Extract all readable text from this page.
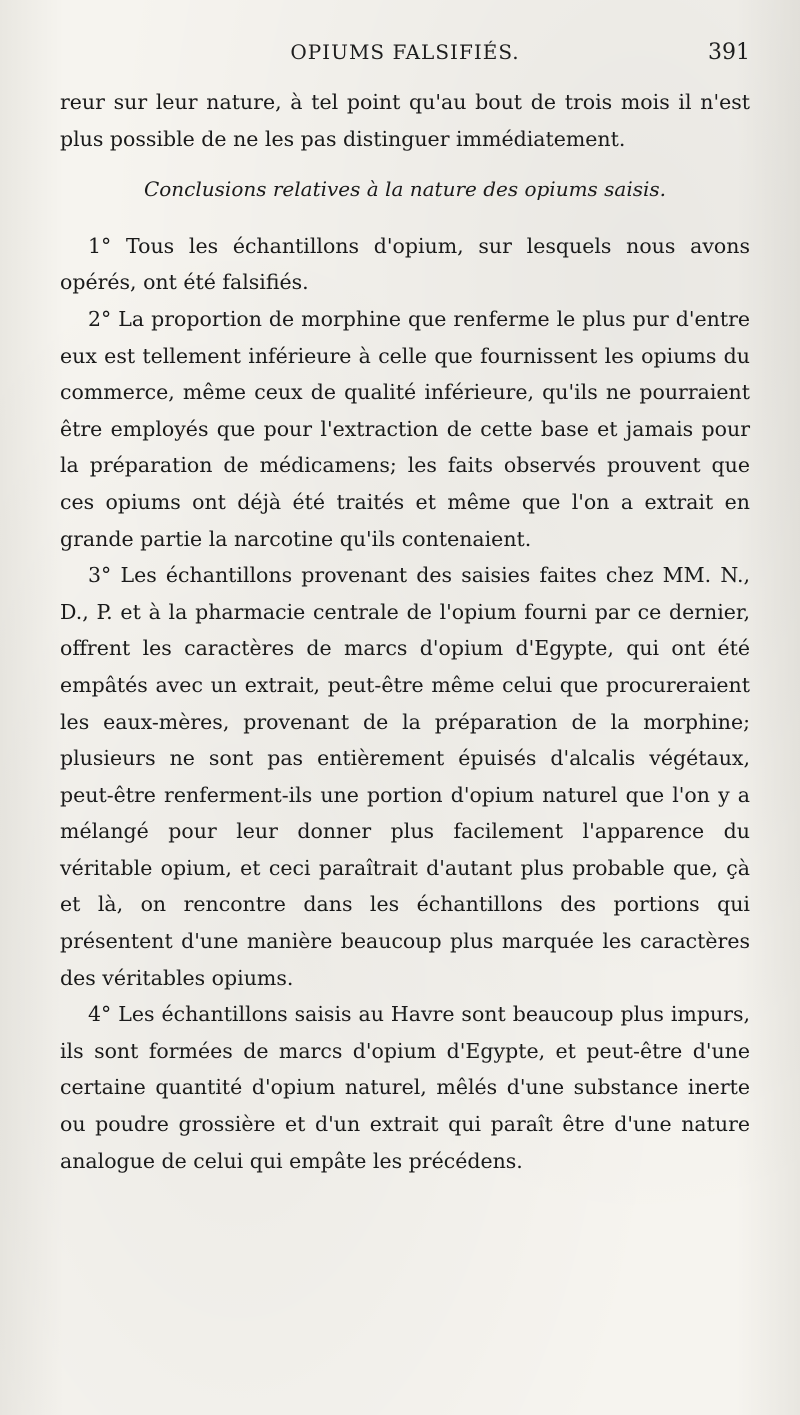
OPIUMS FALSIFIÉS.	391

reur sur leur nature, à tel point qu'au bout de trois mois il n'est plus possible de ne les pas distinguer immédiatement.

Conclusions relatives à la nature des opiums saisis.

1° Tous les échantillons d'opium, sur lesquels nous avons opérés, ont été falsifiés.

2° La proportion de morphine que renferme le plus pur d'entre eux est tellement inférieure à celle que fournissent les opiums du commerce, même ceux de qualité inférieure, qu'ils ne pourraient être employés que pour l'extraction de cette base et jamais pour la préparation de médicamens; les faits observés prouvent que ces opiums ont déjà été traités et même que l'on a extrait en grande partie la narcotine qu'ils contenaient.

3° Les échantillons provenant des saisies faites chez MM. N., D., P. et à la pharmacie centrale de l'opium fourni par ce dernier, offrent les caractères de marcs d'opium d'Egypte, qui ont été empâtés avec un extrait, peut-être même celui que procureraient les eaux-mères, provenant de la préparation de la morphine; plusieurs ne sont pas entièrement épuisés d'alcalis végétaux, peut-être renferment-ils une portion d'opium naturel que l'on y a mélangé pour leur donner plus facilement l'apparence du véritable opium, et ceci paraîtrait d'autant plus probable que, çà et là, on rencontre dans les échantillons des portions qui présentent d'une manière beaucoup plus marquée les caractères des véritables opiums.

4° Les échantillons saisis au Havre sont beaucoup plus impurs, ils sont formées de marcs d'opium d'Egypte, et peut-être d'une certaine quantité d'opium naturel, mêlés d'une substance inerte ou poudre grossière et d'un extrait qui paraît être d'une nature analogue de celui qui empâte les précédens.
